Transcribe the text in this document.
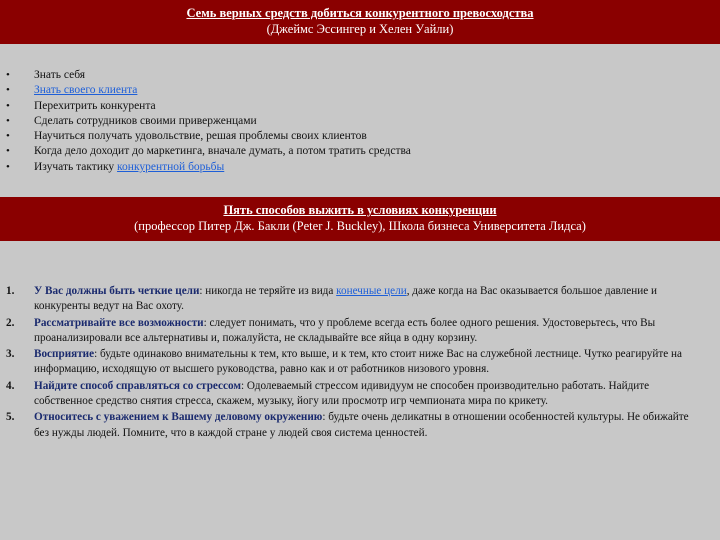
Семь верных средств добиться конкурентного превосходства
(Джеймс Эссингер и Хелен Уайли)
• Знать себя
• Знать своего клиента
• Перехитрить конкурента
• Сделать сотрудников своими приверженцами
• Научиться получать удовольствие, решая проблемы своих клиентов
• Когда дело доходит до маркетинга, вначале думать, а потом тратить средства
• Изучать тактику конкурентной борьбы
Пять способов выжить в условиях конкуренции
(профессор Питер Дж. Бакли (Peter J. Buckley), Школа бизнеса Университета Лидса)
1. У Вас должны быть четкие цели: никогда не теряйте из вида конечные цели, даже когда на Вас оказывается большое давление и конкуренты ведут на Вас охоту.
2. Рассматривайте все возможности: следует понимать, что у проблеме всегда есть более одного решения. Удостоверьтесь, что Вы проанализировали все альтернативы и, пожалуйста, не складывайте все яйца в одну корзину.
3. Восприятие: будьте одинаково внимательны к тем, кто выше, и к тем, кто стоит ниже Вас на служебной лестнице. Чутко реагируйте на информацию, исходящую от высшего руководства, равно как и от работников низового уровня.
4. Найдите способ справляться со стрессом: Одолеваемый стрессом идивидуум не способен производительно работать. Найдите собственное средство снятия стресса, скажем, музыку, йогу или просмотр игр чемпионата мира по крикету.
5. Относитесь с уважением к Вашему деловому окружению: будьте очень деликатны в отношении особенностей культуры. Не обижайте без нужды людей. Помните, что в каждой стране у людей своя система ценностей.
